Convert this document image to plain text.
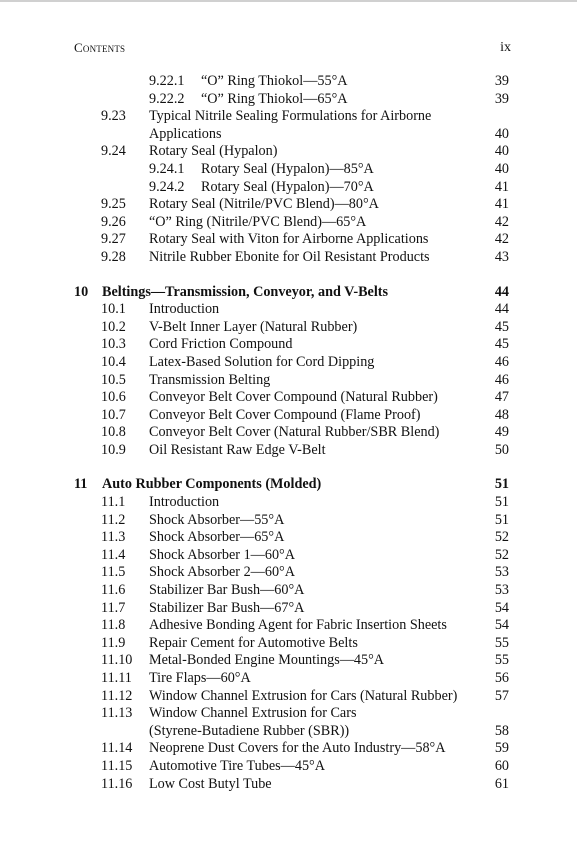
Contents	ix
9.22.1 “O” Ring Thiokol—55°A	39
9.22.2 “O” Ring Thiokol—65°A	39
9.23 Typical Nitrile Sealing Formulations for Airborne
Applications	40
9.24 Rotary Seal (Hypalon)	40
9.24.1 Rotary Seal (Hypalon)—85°A	40
9.24.2 Rotary Seal (Hypalon)—70°A	41
9.25 Rotary Seal (Nitrile/PVC Blend)—80°A	41
9.26 “O” Ring (Nitrile/PVC Blend)—65°A	42
9.27 Rotary Seal with Viton for Airborne Applications	42
9.28 Nitrile Rubber Ebonite for Oil Resistant Products	43
10 Beltings—Transmission, Conveyor, and V-Belts	44
10.1 Introduction	44
10.2 V-Belt Inner Layer (Natural Rubber)	45
10.3 Cord Friction Compound	45
10.4 Latex-Based Solution for Cord Dipping	46
10.5 Transmission Belting	46
10.6 Conveyor Belt Cover Compound (Natural Rubber)	47
10.7 Conveyor Belt Cover Compound (Flame Proof)	48
10.8 Conveyor Belt Cover (Natural Rubber/SBR Blend)	49
10.9 Oil Resistant Raw Edge V-Belt	50
11 Auto Rubber Components (Molded)	51
11.1 Introduction	51
11.2 Shock Absorber—55°A	51
11.3 Shock Absorber—65°A	52
11.4 Shock Absorber 1—60°A	52
11.5 Shock Absorber 2—60°A	53
11.6 Stabilizer Bar Bush—60°A	53
11.7 Stabilizer Bar Bush—67°A	54
11.8 Adhesive Bonding Agent for Fabric Insertion Sheets	54
11.9 Repair Cement for Automotive Belts	55
11.10 Metal-Bonded Engine Mountings—45°A	55
11.11 Tire Flaps—60°A	56
11.12 Window Channel Extrusion for Cars (Natural Rubber)	57
11.13 Window Channel Extrusion for Cars
(Styrene-Butadiene Rubber (SBR))	58
11.14 Neoprene Dust Covers for the Auto Industry—58°A	59
11.15 Automotive Tire Tubes—45°A	60
11.16 Low Cost Butyl Tube	61
